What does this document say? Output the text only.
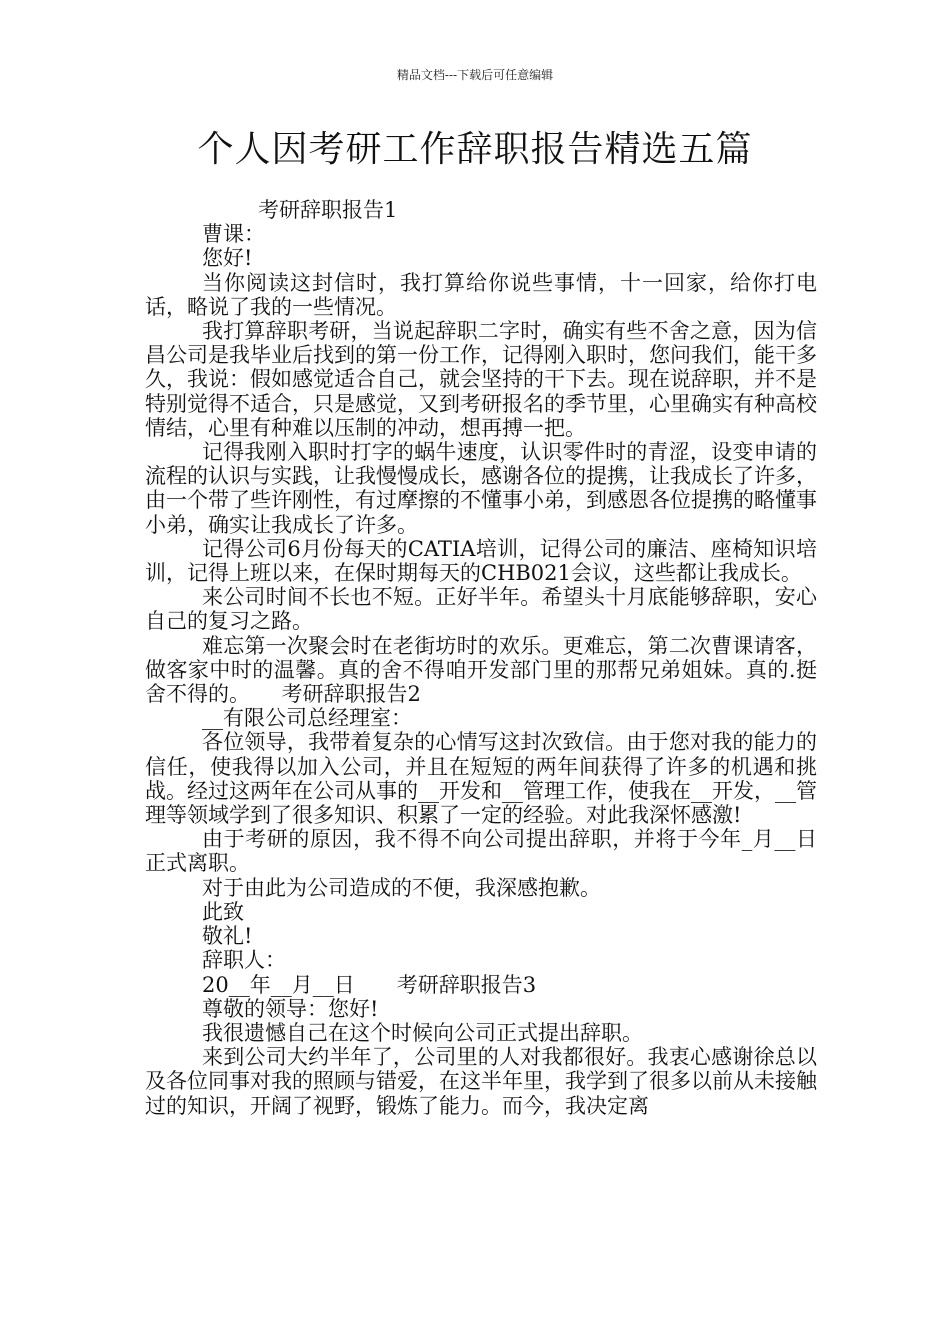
精品文档---下载后可任意编辑
个人因考研工作辞职报告精选五篇

考研辞职报告1

曹课：

您好!

当你阅读这封信时，我打算给你说些事情，十一回家，给你打电话，略说了我的一些情况。

我打算辞职考研，当说起辞职二字时，确实有些不舍之意，因为信昌公司是我毕业后找到的第一份工作，记得刚入职时，您问我们，能干多久，我说：假如感觉适合自己，就会坚持的干下去。现在说辞职，并不是特别觉得不适合，只是感觉，又到考研报名的季节里，心里确实有种高校情结，心里有种难以压制的冲动，想再搏一把。

记得我刚入职时打字的蜗牛速度，认识零件时的青涩，设变申请的流程的认识与实践，让我慢慢成长，感谢各位的提携，让我成长了许多，由一个带了些许刚性，有过摩擦的不懂事小弟，到感恩各位提携的略懂事小弟，确实让我成长了许多。

记得公司6月份每天的CATIA培训，记得公司的廉洁、座椅知识培训，记得上班以来，在保时期每天的CHB021会议，这些都让我成长。

来公司时间不长也不短。正好半年。希望头十月底能够辞职，安心自己的复习之路。

难忘第一次聚会时在老街坊时的欢乐。更难忘，第二次曹课请客，做客家中时的温馨。真的舍不得咱开发部门里的那帮兄弟姐妹。真的.挺舍不得的。　　考研辞职报告2

__有限公司总经理室：

各位领导，我带着复杂的心情写这封次致信。由于您对我的能力的信任，使我得以加入公司，并且在短短的两年间获得了许多的机遇和挑战。经过这两年在公司从事的__开发和__管理工作，使我在__开发，__管理等领域学到了很多知识、积累了一定的经验。对此我深怀感激!

由于考研的原因，我不得不向公司提出辞职，并将于今年_月__日正式离职。

对于由此为公司造成的不便，我深感抱歉。

此致

敬礼!

辞职人：

20__年__月__日　　考研辞职报告3

尊敬的领导：您好!

我很遗憾自己在这个时候向公司正式提出辞职。

来到公司大约半年了，公司里的人对我都很好。我衷心感谢徐总以及各位同事对我的照顾与错爱，在这半年里，我学到了很多以前从未接触过的知识，开阔了视野，锻炼了能力。而今，我决定离
